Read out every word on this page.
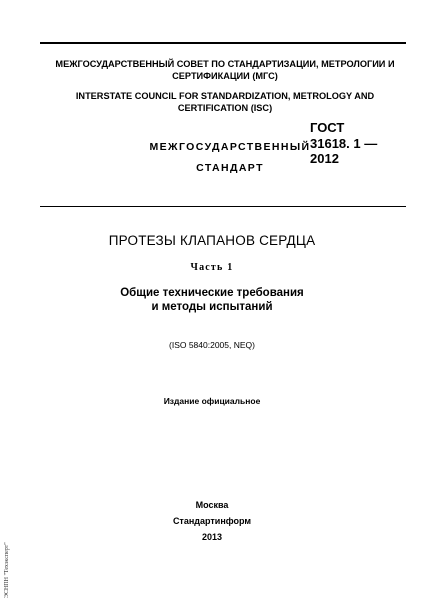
МЕЖГОСУДАРСТВЕННЫЙ СОВЕТ ПО СТАНДАРТИЗАЦИИ, МЕТРОЛОГИИ И
СЕРТИФИКАЦИИ (МГС)
INTERSTATE COUNCIL FOR STANDARDIZATION, METROLOGY AND
CERTIFICATION (ISC)
МЕЖГОСУДАРСТВЕННЫЙ
СТАНДАРТ
ГОСТ
31618. 1 —
2012
ПРОТЕЗЫ КЛАПАНОВ СЕРДЦА
Часть 1
Общие технические требования
и методы испытаний
(ISO 5840:2005, NEQ)
Издание официальное
Москва
Стандартинформ
2013
ЭСНПН "Техэксперт"
